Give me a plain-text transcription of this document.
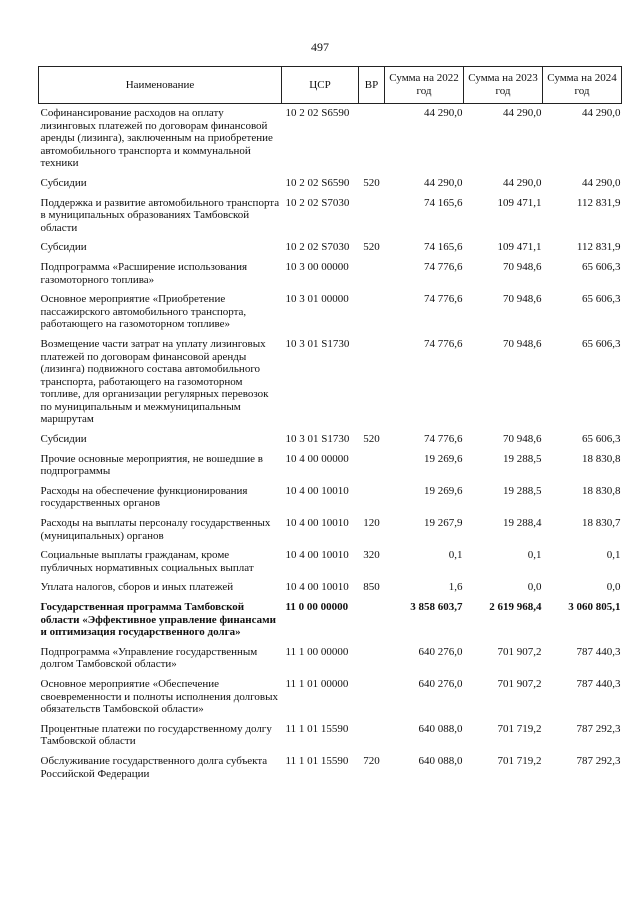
497
Наименование	ЦСР	ВР	Сумма на 2022 год	Сумма на 2023 год	Сумма на 2024 год
Софинансирование расходов на оплату лизинговых платежей по договорам финансовой аренды (лизинга), заключенным на приобретение автомобильного транспорта и коммунальной техники	10 2 02 S6590		44 290,0	44 290,0	44 290,0
Субсидии	10 2 02 S6590	520	44 290,0	44 290,0	44 290,0
Поддержка и развитие автомобильного транспорта в муниципальных образованиях Тамбовской области	10 2 02 S7030		74 165,6	109 471,1	112 831,9
Субсидии	10 2 02 S7030	520	74 165,6	109 471,1	112 831,9
Подпрограмма «Расширение использования газомоторного топлива»	10 3 00 00000		74 776,6	70 948,6	65 606,3
Основное мероприятие «Приобретение пассажирского автомобильного транспорта, работающего на газомоторном топливе»	10 3 01 00000		74 776,6	70 948,6	65 606,3
Возмещение части затрат на уплату лизинговых платежей по договорам финансовой аренды (лизинга) подвижного состава автомобильного транспорта, работающего на газомоторном топливе, для организации регулярных перевозок по муниципальным и межмуниципальным маршрутам	10 3 01 S1730		74 776,6	70 948,6	65 606,3
Субсидии	10 3 01 S1730	520	74 776,6	70 948,6	65 606,3
Прочие основные мероприятия, не вошедшие в подпрограммы	10 4 00 00000		19 269,6	19 288,5	18 830,8
Расходы на обеспечение функционирования государственных органов	10 4 00 10010		19 269,6	19 288,5	18 830,8
Расходы на выплаты персоналу государственных (муниципальных) органов	10 4 00 10010	120	19 267,9	19 288,4	18 830,7
Социальные выплаты гражданам, кроме публичных нормативных социальных выплат	10 4 00 10010	320	0,1	0,1	0,1
Уплата налогов, сборов и иных платежей	10 4 00 10010	850	1,6	0,0	0,0
Государственная программа Тамбовской области «Эффективное управление финансами и оптимизация государственного долга»	11 0 00 00000		3 858 603,7	2 619 968,4	3 060 805,1
Подпрограмма «Управление государственным долгом Тамбовской области»	11 1 00 00000		640 276,0	701 907,2	787 440,3
Основное мероприятие «Обеспечение своевременности и полноты исполнения долговых обязательств Тамбовской области»	11 1 01 00000		640 276,0	701 907,2	787 440,3
Процентные платежи по государственному долгу Тамбовской области	11 1 01 15590		640 088,0	701 719,2	787 292,3
Обслуживание государственного долга субъекта Российской Федерации	11 1 01 15590	720	640 088,0	701 719,2	787 292,3
